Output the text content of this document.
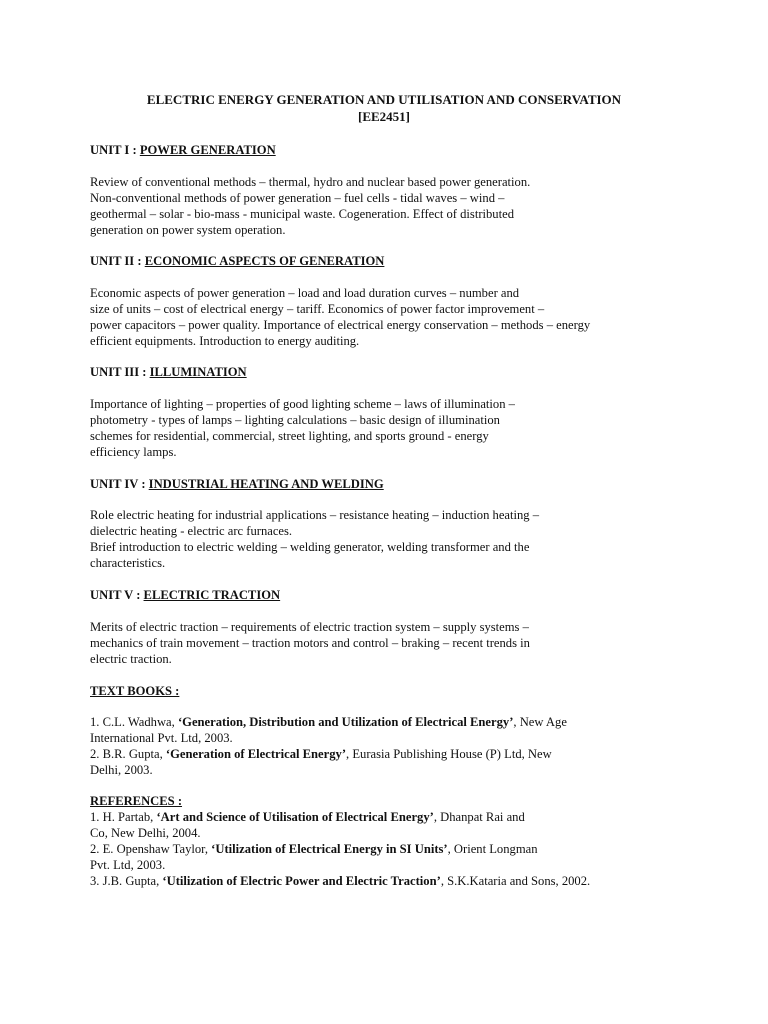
ELECTRIC ENERGY GENERATION AND UTILISATION AND CONSERVATION
[EE2451]
UNIT I : POWER GENERATION
Review of conventional methods – thermal, hydro and nuclear based power generation.
Non-conventional methods of power generation – fuel cells - tidal waves – wind –
geothermal – solar - bio-mass - municipal waste. Cogeneration. Effect of distributed
generation on power system operation.
UNIT II : ECONOMIC ASPECTS OF GENERATION
Economic aspects of power generation – load and load duration curves – number and
size of units – cost of electrical energy – tariff. Economics of power factor improvement –
power capacitors – power quality. Importance of electrical energy conservation – methods – energy
efficient equipments. Introduction to energy auditing.
UNIT III : ILLUMINATION
Importance of lighting – properties of good lighting scheme – laws of illumination –
photometry - types of lamps – lighting calculations – basic design of illumination
schemes for residential, commercial, street lighting, and sports ground - energy
efficiency lamps.
UNIT IV : INDUSTRIAL HEATING AND WELDING
Role electric heating for industrial applications – resistance heating – induction heating –
dielectric heating - electric arc furnaces.
Brief introduction to electric welding – welding generator, welding transformer and the
characteristics.
UNIT V : ELECTRIC TRACTION
Merits of electric traction – requirements of electric traction system – supply systems –
mechanics of train movement – traction motors and control – braking – recent trends in
electric traction.
TEXT BOOKS :
1. C.L. Wadhwa, ‘Generation, Distribution and Utilization of Electrical Energy’, New Age
International Pvt. Ltd, 2003.
2. B.R. Gupta, ‘Generation of Electrical Energy’, Eurasia Publishing House (P) Ltd, New
Delhi, 2003.
REFERENCES :
1. H. Partab, ‘Art and Science of Utilisation of Electrical Energy’, Dhanpat Rai and
Co, New Delhi, 2004.
2. E. Openshaw Taylor, ‘Utilization of Electrical Energy in SI Units’, Orient Longman
Pvt. Ltd, 2003.
3. J.B. Gupta, ‘Utilization of Electric Power and Electric Traction’, S.K.Kataria and Sons, 2002.
